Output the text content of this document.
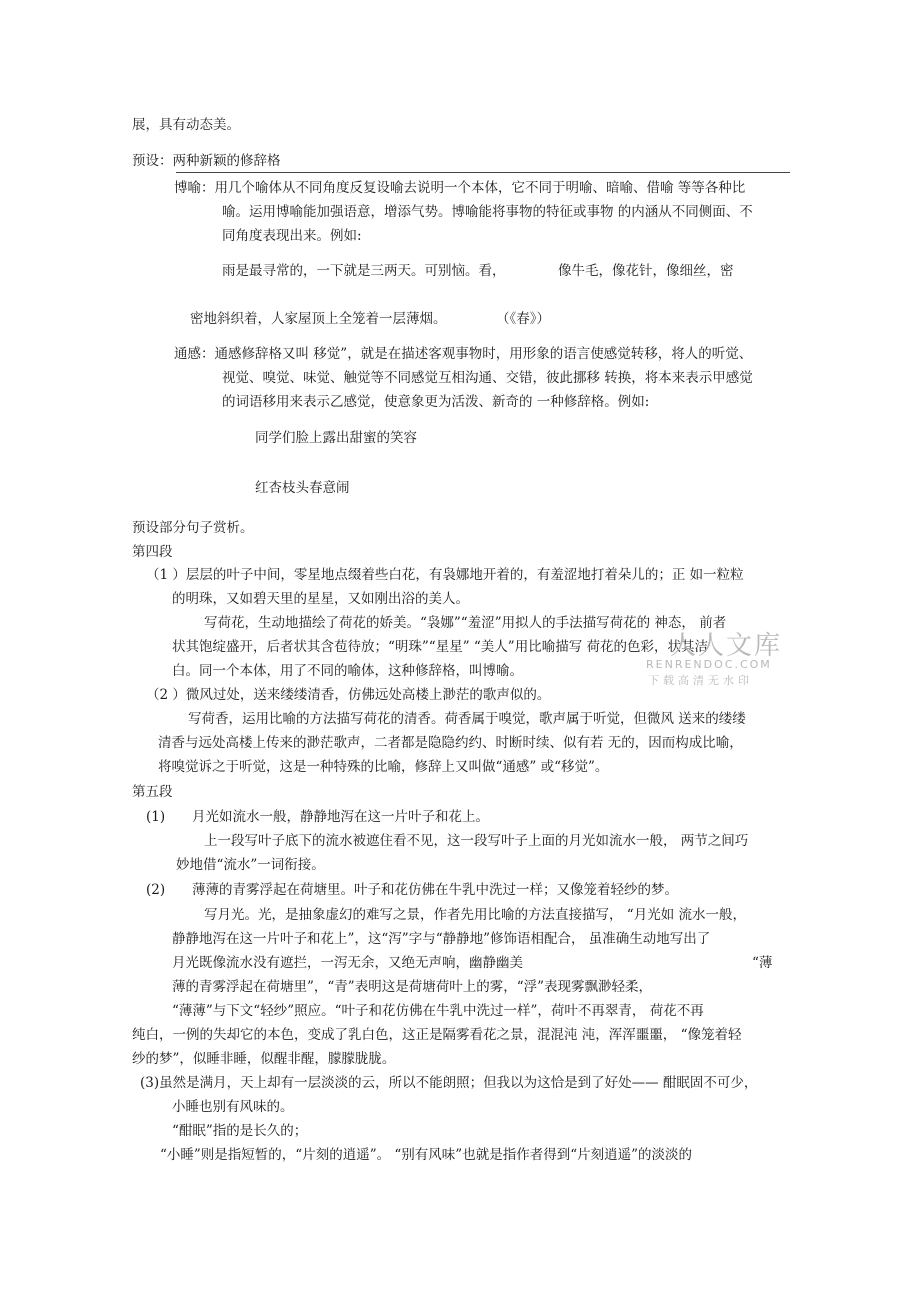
展，具有动态美。
预设：两种新颖的修辞格
博喻：用几个喻体从不同角度反复设喻去说明一个本体，它不同于明喻、暗喻、借喻 等等各种比
喻。运用博喻能加强语意，增添气势。博喻能将事物的特征或事物 的内涵从不同侧面、不
同角度表现出来。例如:
雨是最寻常的，一下就是三两天。可别恼。看，	像牛毛，像花针，像细丝，密
密地斜织着，人家屋顶上全笼着一层薄烟。	（《春》）
通感：通感修辞格又叫 移觉”，就是在描述客观事物时，用形象的语言使感觉转移，将人的听觉、
视觉、嗅觉、味觉、触觉等不同感觉互相沟通、交错，彼此挪移 转换，将本来表示甲感觉
的词语移用来表示乙感觉，使意象更为活泼、新奇的 一种修辞格。例如:
同学们脸上露出甜蜜的笑容
红杏枝头春意闹
预设部分句子赏析。
第四段
（1 ）层层的叶子中间，零星地点缀着些白花，有袅娜地开着的，有羞涩地打着朵儿的；正 如一粒粒
的明珠，又如碧天里的星星，又如刚出浴的美人。
写荷花，生动地描绘了荷花的娇美。“袅娜”“羞涩”用拟人的手法描写荷花的 神态， 前者
状其饱绽盛开，后者状其含苞待放；“明珠”“星星” “美人”用比喻描写 荷花的色彩，状其洁
白。同一个本体，用了不同的喻体，这种修辞格，叫博喻。
（2 ）微风过处，送来缕缕清香，仿佛远处高楼上渺茫的歌声似的。
写荷香，运用比喻的方法描写荷花的清香。荷香属于嗅觉，歌声属于听觉，但微风 送来的缕缕
清香与远处高楼上传来的渺茫歌声，二者都是隐隐约约、时断时续、似有若 无的，因而构成比喻，
将嗅觉诉之于听觉，这是一种特殊的比喻，修辞上又叫做“通感” 或“移觉”。
第五段
(1) 月光如流水一般，静静地泻在这一片叶子和花上。
上一段写叶子底下的流水被遮住看不见，这一段写叶子上面的月光如流水一般， 两节之间巧
妙地借“流水”一词衔接。
(2) 薄薄的青雾浮起在荷塘里。叶子和花仿佛在牛乳中洗过一样；又像笼着轻纱的梦。
写月光。光，是抽象虚幻的难写之景，作者先用比喻的方法直接描写， “月光如 流水一般，
静静地泻在这一片叶子和花上”，这“泻”字与“静静地”修饰语相配合， 虽准确生动地写出了
月光既像流水没有遮拦，一泻无余，又绝无声响，幽静幽美	“薄
薄的青雾浮起在荷塘里”，“青”表明这是荷塘荷叶上的雾，“浮”表现雾飘渺轻柔，
“薄薄”与下文“轻纱”照应。“叶子和花仿佛在牛乳中洗过一样”，荷叶不再翠青， 荷花不再
纯白，一例的失却它的本色，变成了乳白色，这正是隔雾看花之景，混混沌 沌，浑浑噩噩， “像笼着轻
纱的梦”，似睡非睡，似醒非醒，朦朦胧胧。
(3)虽然是满月，天上却有一层淡淡的云，所以不能朗照；但我以为这恰是到了好处—— 酣眠固不可少，
小睡也别有风味的。
“酣眠”指的是长久的；
“小睡”则是指短暂的，“片刻的逍遥”。 “别有风味”也就是指作者得到“片刻逍遥”的淡淡的
人人文库
RENRENDOC.COM
下载高清无水印
